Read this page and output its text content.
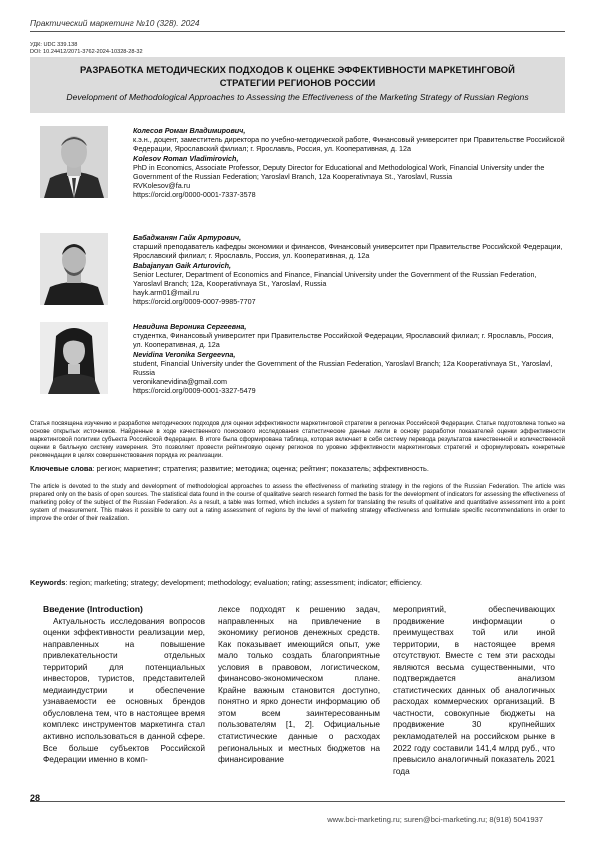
Практический маркетинг №10 (328). 2024
УДК: UDC 339.138
DOI: 10.24412/2071-3762-2024-10328-28-32
РАЗРАБОТКА МЕТОДИЧЕСКИХ ПОДХОДОВ К ОЦЕНКЕ ЭФФЕКТИВНОСТИ МАРКЕТИНГОВОЙ
СТРАТЕГИИ РЕГИОНОВ РОССИИ
Development of Methodological Approaches to Assessing the Effectiveness of the Marketing Strategy of Russian Regions
Колесов Роман Владимирович,
к.э.н., доцент, заместитель директора по учебно-методической работе, Финансовый университет при Правительстве Российской Федерации, Ярославский филиал; г. Ярославль, Россия, ул. Кооперативная, д. 12а
Kolesov Roman Vladimirovich,
PhD in Economics, Associate Professor, Deputy Director for Educational and Methodological Work, Financial University under the Government of the Russian Federation; Yaroslavl Branch, 12a Kooperativnaya St., Yaroslavl, Russia
RVKolesov@fa.ru
https://orcid.org/0000-0001-7337-3578
Бабаджанян Гайк Артурович,
старший преподаватель кафедры экономики и финансов, Финансовый университет при Правительстве Российской Федерации, Ярославский филиал; г. Ярославль, Россия, ул. Кооперативная, д. 12а
Babajanyan Gaik Arturovich,
Senior Lecturer, Department of Economics and Finance, Financial University under the Government of the Russian Federation, Yaroslavl Branch; 12a, Kooperativnaya St., Yaroslavl, Russia
hayk.arm01@mail.ru
https://orcid.org/0009-0007-9985-7707
Невидина Вероника Сергеевна,
студентка, Финансовый университет при Правительстве Российской Федерации, Ярославский филиал; г. Ярославль, Россия, ул. Кооперативная, д. 12а
Nevidina Veronika Sergeevna,
student, Financial University under the Government of the Russian Federation, Yaroslavl Branch; 12a Kooperativnaya St., Yaroslavl, Russia
veronikanevidina@gmail.com
https://orcid.org/0009-0001-3327-5479
Статья посвящена изучению и разработке методических подходов для оценки эффективности маркетинговой стратегии в регионах Российской Федерации. Статья подготовлена только на основе открытых источников. Найденные в ходе качественного поискового исследования статистические данные легли в основу разработки показателей оценки эффективности маркетинговой политики субъекта Российской Федерации. В итоге была сформирована таблица, которая включает в себя систему перевода результатов качественной и количественной оценки в балльную систему измерения. Это позволяет провести рейтинговую оценку регионов по уровню эффективности маркетинговых стратегий и сформулировать конкретные рекомендации в целях совершенствования порядка их реализации.
Ключевые слова: регион; маркетинг; стратегия; развитие; методика; оценка; рейтинг; показатель; эффективность.
The article is devoted to the study and development of methodological approaches to assess the effectiveness of marketing strategy in the regions of the Russian Federation. The article was prepared only on the basis of open sources. The statistical data found in the course of qualitative search research formed the basis for the development of indicators for assessing the effectiveness of marketing policy of the subject of the Russian Federation. As a result, a table was formed, which includes a system for translating the results of qualitative and quantitative assessment into a point system of measurement. This makes it possible to carry out a rating assessment of regions by the level of marketing strategy effectiveness and formulate specific recommendations in order to improve the order of their realization.
Keywords: region; marketing; strategy; development; methodology; evaluation; rating; assessment; indicator; efficiency.
Введение (Introduction)
Актуальность исследования вопросов оценки эффективности реализации мер, направленных на повышение привлекательности отдельных территорий для потенциальных инвесторов, туристов, представителей медиаиндустрии и обеспечение узнаваемости ее основных брендов обусловлена тем, что в настоящее время комплекс инструментов маркетинга стал активно использоваться в данной сфере. Все больше субъектов Российской Федерации именно в комп-
лексе подходят к решению задач, направленных на привлечение в экономику регионов денежных средств. Как показывает имеющийся опыт, уже мало только создать благоприятные условия в правовом, логистическом, финансово-экономическом плане. Крайне важным становится доступно, понятно и ярко донести информацию об этом всем заинтересованным пользователям [1, 2]. Официальные статистические данные о расходах региональных и местных бюджетов на финансирование
мероприятий, обеспечивающих продвижение информации о преимуществах той или иной территории, в настоящее время отсутствуют. Вместе с тем эти расходы являются весьма существенными, что подтверждается анализом статистических данных об аналогичных расходах коммерческих организаций. В частности, совокупные бюджеты на продвижение 30 крупнейших рекламодателей на российском рынке в 2022 году составили 141,4 млрд руб., что превысило аналогичный показатель 2021 года
28
www.bci-marketing.ru; suren@bci-marketing.ru; 8(918) 5041937
